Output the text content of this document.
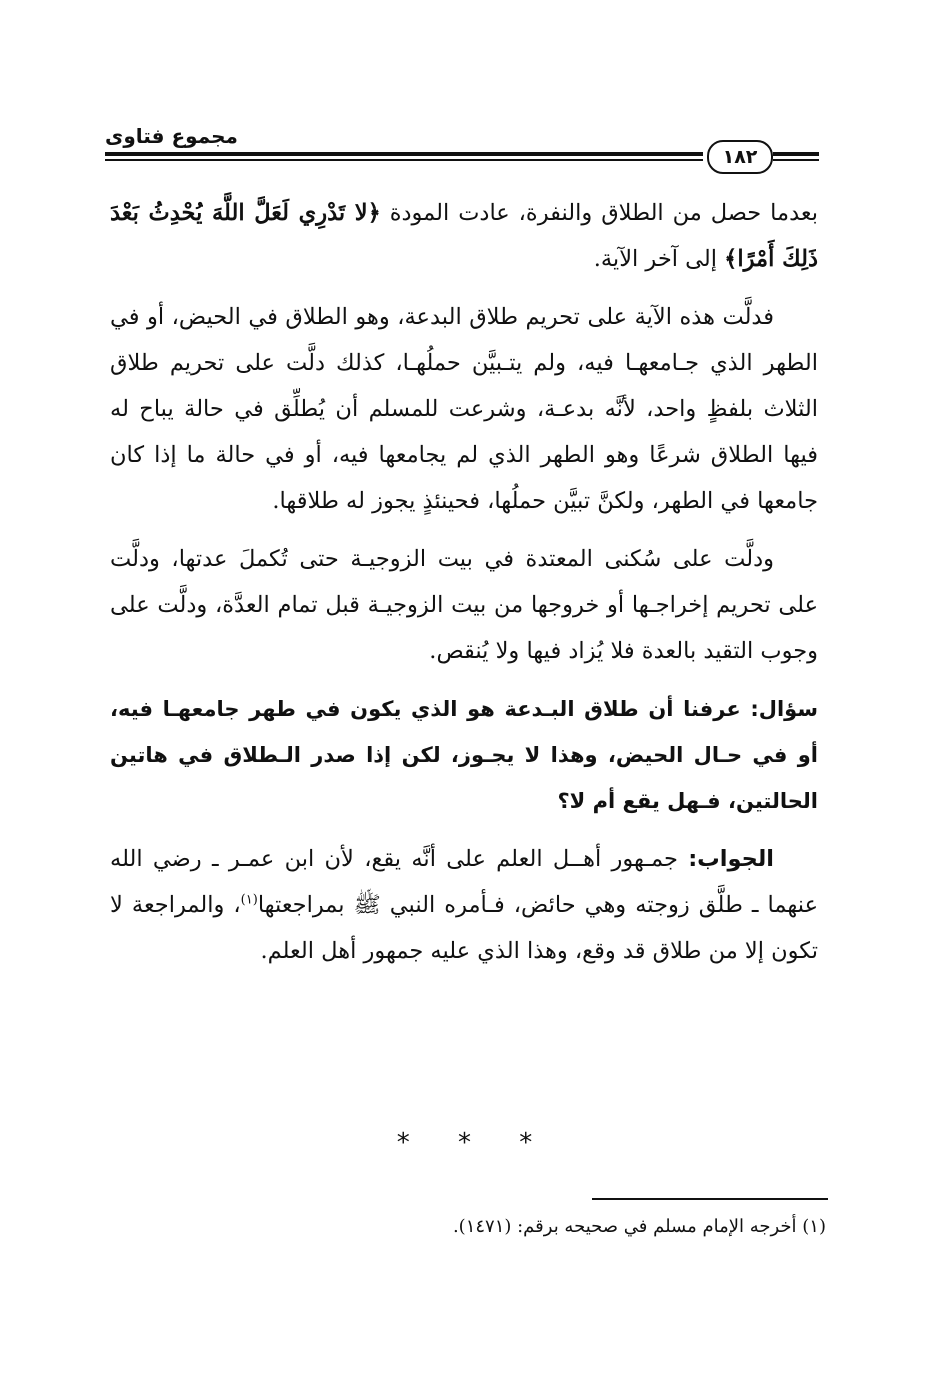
مجموع فتاوى
١٨٢

بعدما حصل من الطلاق والنفرة، عادت المودة ﴿لا تَدْرِي لَعَلَّ اللَّهَ يُحْدِثُ بَعْدَ ذَلِكَ أَمْرًا﴾ إلى آخر الآية.

فدلَّت هذه الآية على تحريم طلاق البدعة، وهو الطلاق في الحيض، أو في الطهر الذي جـامعهـا فيه، ولم يتـبيَّن حملُهـا، كذلك دلَّت على تحريم طلاق الثلاث بلفظٍ واحد، لأنَّه بدعـة، وشرعت للمسلم أن يُطلِّق في حالة يباح له فيها الطلاق شرعًا وهو الطهر الذي لم يجامعها فيه، أو في حالة ما إذا كان جامعها في الطهر، ولكنَّ تبيَّن حملُها، فحينئذٍ يجوز له طلاقها.

ودلَّت على سُكنى المعتدة في بيت الزوجيـة حتى تُكملَ عدتها، ودلَّت على تحريم إخراجـها أو خروجها من بيت الزوجيـة قبل تمام العدَّة، ودلَّت على وجوب التقيد بالعدة فلا يُزاد فيها ولا يُنقص.

سؤال: عرفنا أن طلاق البـدعة هو الذي يكون في طهر جامعهـا فيه، أو في حـال الحيض، وهذا لا يجـوز، لكن إذا صدر الـطلاق في هاتين الحالتين، فـهل يقع أم لا؟

الجواب: جمـهور أهــل العلم على أنَّه يقع، لأن ابن عمـر ـ رضي الله عنهما ـ طلَّق زوجته وهي حائض، فـأمره النبي ﷺ بمراجعتها$^{(١)}$، والمراجعة لا تكون إلا من طلاق قد وقع، وهذا الذي عليه جمهور أهل العلم.

* * *
(١) أخرجه الإمام مسلم في صحيحه برقم: (١٤٧١).
